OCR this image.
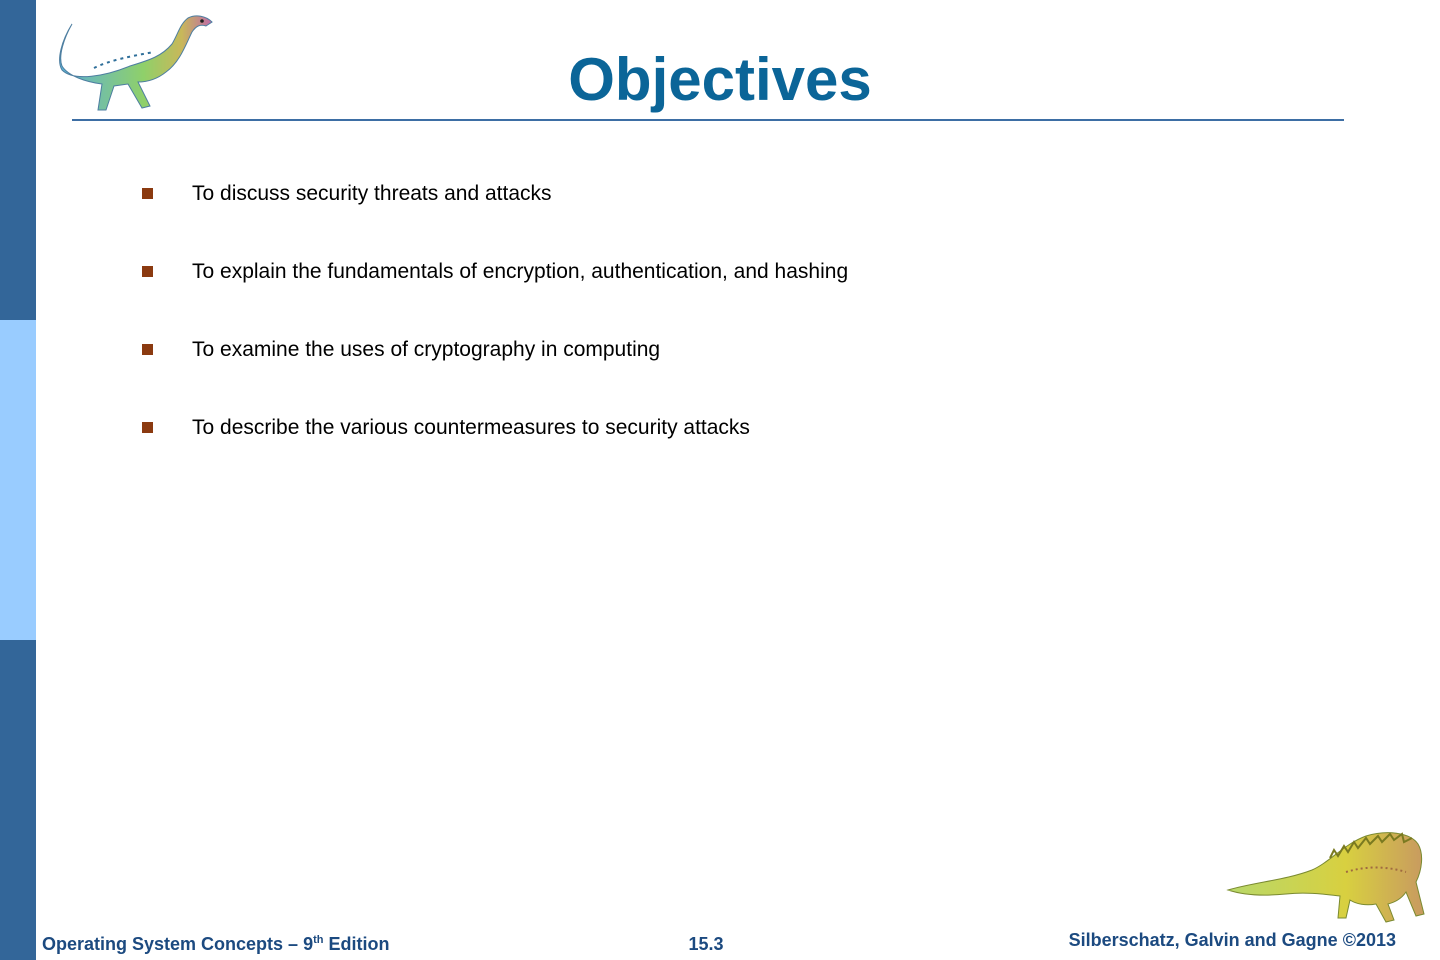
Objectives
To discuss security threats and attacks
To explain the fundamentals of encryption, authentication, and hashing
To examine the uses of cryptography in computing
To describe the various countermeasures to security attacks
Operating System Concepts – 9th Edition	15.3	Silberschatz, Galvin and Gagne ©2013
